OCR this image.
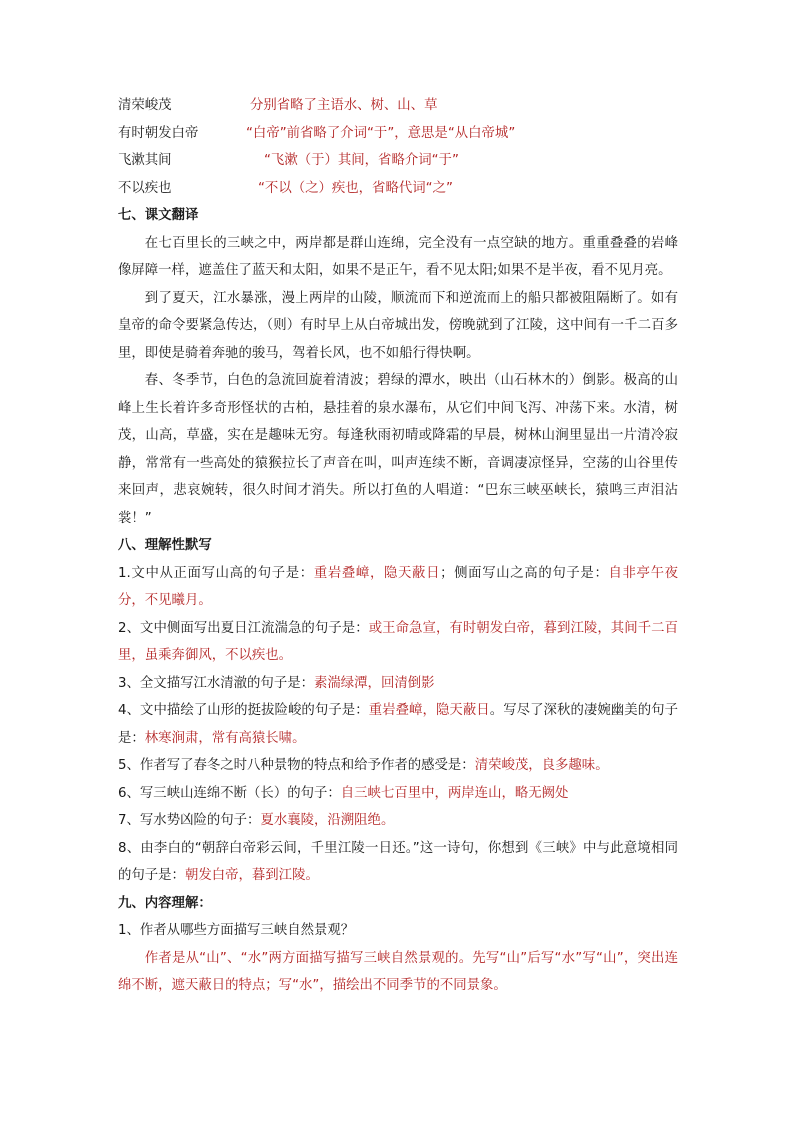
清荣峻茂	分别省略了主语水、树、山、草
有时朝发白帝	“白帝”前省略了介词“于”，意思是“从白帝城”
飞漱其间	“飞漱（于）其间，省略介词“于”
不以疾也	“不以（之）疾也，省略代词“之”
七、课文翻译
在七百里长的三峡之中，两岸都是群山连绵，完全没有一点空缺的地方。重重叠叠的岩峰像屏障一样，遮盖住了蓝天和太阳，如果不是正午，看不见太阳;如果不是半夜，看不见月亮。
到了夏天，江水暴涨，漫上两岸的山陵，顺流而下和逆流而上的船只都被阻隔断了。如有皇帝的命令要紧急传达，（则）有时早上从白帝城出发，傍晚就到了江陵，这中间有一千二百多里，即使是骑着奔驰的骏马，驾着长风，也不如船行得快啊。
春、冬季节，白色的急流回旋着清波；碧绿的潭水，映出（山石林木的）倒影。极高的山峰上生长着许多奇形怪状的古柏，悬挂着的泉水瀑布，从它们中间飞泻、冲荡下来。水清，树茂，山高，草盛，实在是趣味无穷。每逢秋雨初晴或降霜的早晨，树林山涧里显出一片清冷寂静，常常有一些高处的猿猴拉长了声音在叫，叫声连续不断，音调凄凉怪异，空荡的山谷里传来回声，悲哀婉转，很久时间才消失。所以打鱼的人唱道：“巴东三峡巫峡长，猿鸣三声泪沾裳！”
八、理解性默写
1.文中从正面写山高的句子是：重岩叠嶂，隐天蔽日；侧面写山之高的句子是：自非亭午夜分，不见曦月。
2、文中侧面写出夏日江流湍急的句子是：或王命急宣，有时朝发白帝，暮到江陵，其间千二百里，虽乘奔御风，不以疾也。
3、全文描写江水清澈的句子是：素湍绿潭，回清倒影
4、文中描绘了山形的挺拔险峻的句子是：重岩叠嶂，隐天蔽日。写尽了深秋的凄婉幽美的句子是：林寒涧肃，常有高猿长啸。
5、作者写了春冬之时八种景物的特点和给予作者的感受是：清荣峻茂，良多趣味。
6、写三峡山连绵不断（长）的句子：自三峡七百里中，两岸连山，略无阙处
7、写水势凶险的句子：夏水襄陵，沿溯阻绝。
8、由李白的“朝辞白帝彩云间，千里江陵一日还。”这一诗句，你想到《三峡》中与此意境相同的句子是：朝发白帝，暮到江陵。
九、内容理解：
1、作者从哪些方面描写三峡自然景观？
作者是从“山”、“水”两方面描写描写三峡自然景观的。先写“山”后写“水”写“山”，突出连绵不断，遮天蔽日的特点；写“水”，描绘出不同季节的不同景象。
